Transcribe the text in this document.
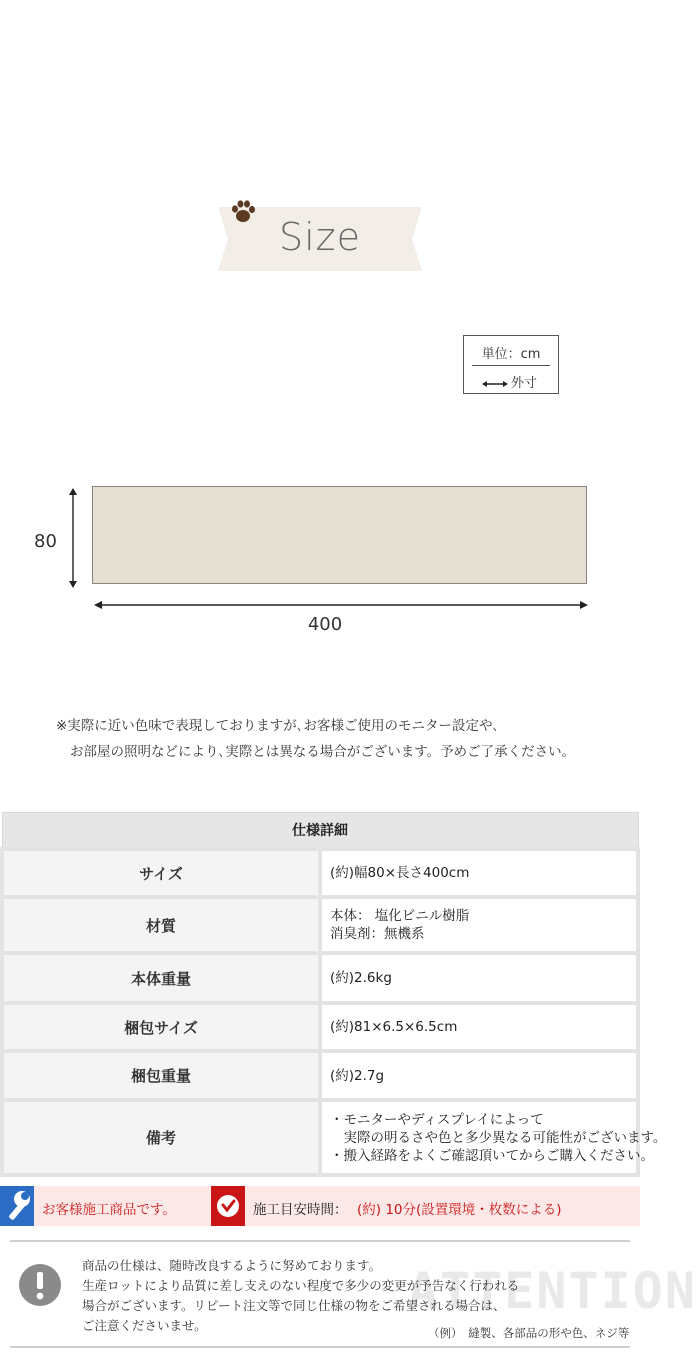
Size
単位：cm
外寸
80
400
※実際に近い色味で表現しておりますが､お客様ご使用のモニター設定や､
お部屋の照明などにより､実際とは異なる場合がございます。予めご了承ください。
仕様詳細	
サイズ	(約)幅80×長さ400cm

材質	本体： 塩化ビニル樹脂
消臭剤：無機系

本体重量	(約)2.6kg

梱包サイズ	(約)81×6.5×6.5cm

梱包重量	(約)2.7g

備考	・モニターやディスプレイによって
　実際の明るさや色と多少異なる可能性がございます。
・搬入経路をよくご確認頂いてからご購入ください。
お客様施工商品です。	施工目安時間： (約) 10分(設置環境・枚数による)
ATTENTION
商品の仕様は、随時改良するように努めております。
生産ロットにより品質に差し支えのない程度で多少の変更が予告なく行われる
場合がございます。リピート注文等で同じ仕様の物をご希望される場合は、
ご注意くださいませ。	（例）　縫製、各部品の形や色、ネジ等
